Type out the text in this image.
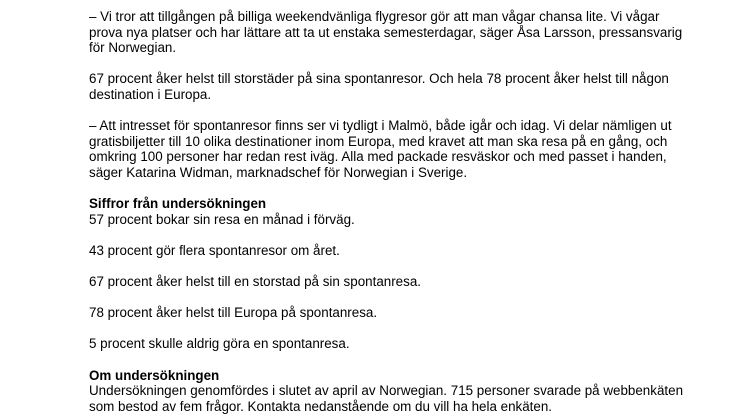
– Vi tror att tillgången på billiga weekendvänliga flygresor gör att man vågar chansa lite. Vi vågar prova nya platser och har lättare att ta ut enstaka semesterdagar, säger Åsa Larsson, pressansvarig för Norwegian.

67 procent åker helst till storstäder på sina spontanresor. Och hela 78 procent åker helst till någon destination i Europa.

– Att intresset för spontanresor finns ser vi tydligt i Malmö, både igår och idag. Vi delar nämligen ut gratisbiljetter till 10 olika destinationer inom Europa, med kravet att man ska resa på en gång, och omkring 100 personer har redan rest iväg. Alla med packade resväskor och med passet i handen, säger Katarina Widman, marknadschef för Norwegian i Sverige.

Siffror från undersökningen

57 procent bokar sin resa en månad i förväg.

43 procent gör flera spontanresor om året.

67 procent åker helst till en storstad på sin spontanresa.

78 procent åker helst till Europa på spontanresa.

5 procent skulle aldrig göra en spontanresa.

Om undersökningen

Undersökningen genomfördes i slutet av april av Norwegian. 715 personer svarade på webbenkäten som bestod av fem frågor. Kontakta nedanstående om du vill ha hela enkäten.
